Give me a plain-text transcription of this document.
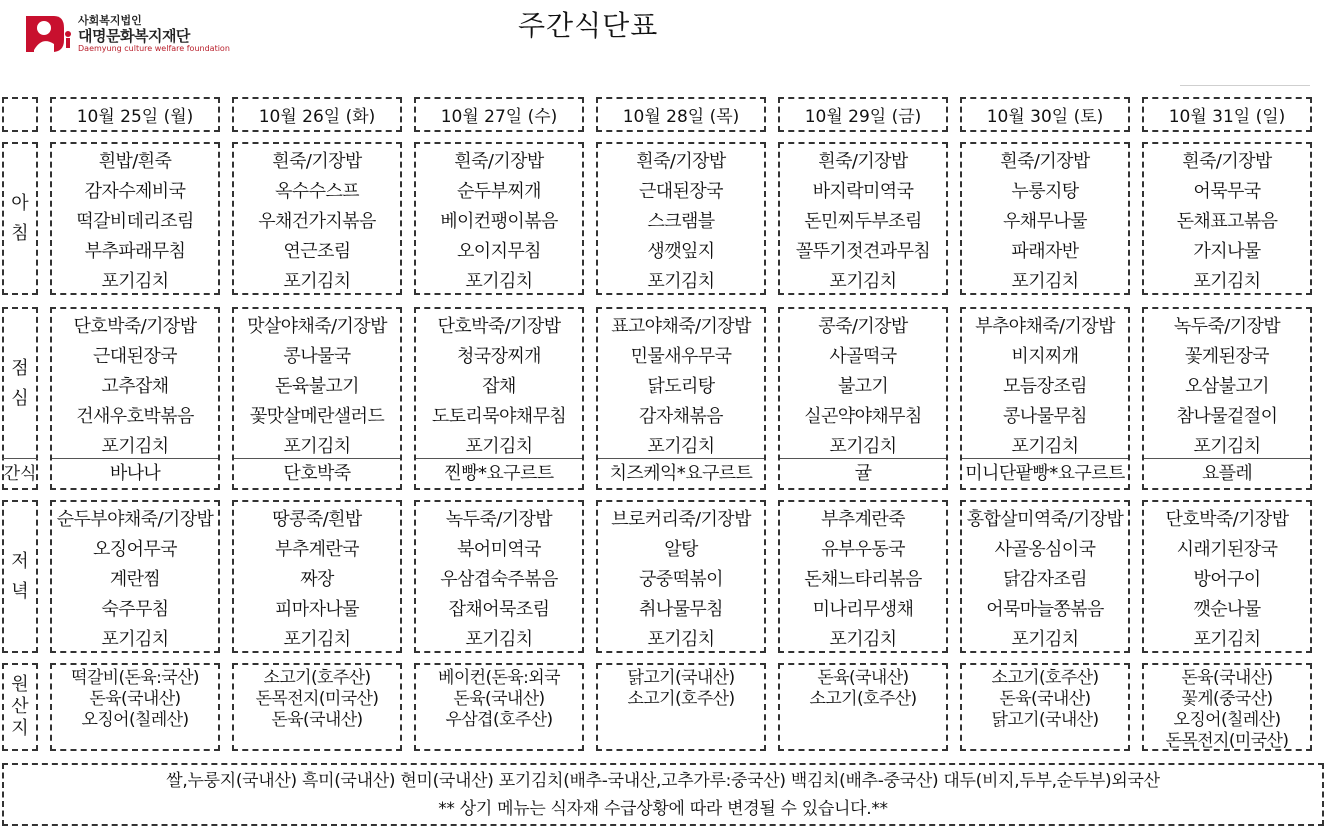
사회복지법인
대명문화복지재단
Daemyung culture welfare foundation
주간식단표
아
침
점
심
간식
저
녁
원
산
지
10월 25일 (월)
흰밥/흰죽
감자수제비국
떡갈비데리조림
부추파래무침
포기김치
단호박죽/기장밥
근대된장국
고추잡채
건새우호박볶음
포기김치
바나나
순두부야채죽/기장밥
오징어무국
계란찜
숙주무침
포기김치
떡갈비(돈육:국산)
돈육(국내산)
오징어(칠레산)
10월 26일 (화)
흰죽/기장밥
옥수수스프
우채건가지볶음
연근조림
포기김치
맛살야채죽/기장밥
콩나물국
돈육불고기
꽃맛살메란샐러드
포기김치
단호박죽
땅콩죽/흰밥
부추계란국
짜장
피마자나물
포기김치
소고기(호주산)
돈목전지(미국산)
돈육(국내산)
10월 27일 (수)
흰죽/기장밥
순두부찌개
베이컨팽이볶음
오이지무침
포기김치
단호박죽/기장밥
청국장찌개
잡채
도토리묵야채무침
포기김치
찐빵*요구르트
녹두죽/기장밥
북어미역국
우삼겹숙주볶음
잡채어묵조림
포기김치
베이컨(돈육:외국
돈육(국내산)
우삼겹(호주산)
10월 28일 (목)
흰죽/기장밥
근대된장국
스크램블
생깻잎지
포기김치
표고야채죽/기장밥
민물새우무국
닭도리탕
감자채볶음
포기김치
치즈케익*요구르트
브로커리죽/기장밥
알탕
궁중떡볶이
취나물무침
포기김치
닭고기(국내산)
소고기(호주산)
10월 29일 (금)
흰죽/기장밥
바지락미역국
돈민찌두부조림
꼴뚜기젓견과무침
포기김치
콩죽/기장밥
사골떡국
불고기
실곤약야채무침
포기김치
귤
부추계란죽
유부우동국
돈채느타리볶음
미나리무생채
포기김치
돈육(국내산)
소고기(호주산)
10월 30일 (토)
흰죽/기장밥
누룽지탕
우채무나물
파래자반
포기김치
부추야채죽/기장밥
비지찌개
모듬장조림
콩나물무침
포기김치
미니단팥빵*요구르트
홍합살미역죽/기장밥
사골옹심이국
닭감자조림
어묵마늘쫑볶음
포기김치
소고기(호주산)
돈육(국내산)
닭고기(국내산)
10월 31일 (일)
흰죽/기장밥
어묵무국
돈채표고볶음
가지나물
포기김치
녹두죽/기장밥
꽃게된장국
오삼불고기
참나물겉절이
포기김치
요플레
단호박죽/기장밥
시래기된장국
방어구이
깻순나물
포기김치
돈육(국내산)
꽃게(중국산)
오징어(칠레산)
돈목전지(미국산)
쌀,누룽지(국내산) 흑미(국내산) 현미(국내산) 포기김치(배추-국내산,고추가루:중국산) 백김치(배추-중국산) 대두(비지,두부,순두부)외국산
** 상기 메뉴는 식자재 수급상황에 따라 변경될 수 있습니다.**
